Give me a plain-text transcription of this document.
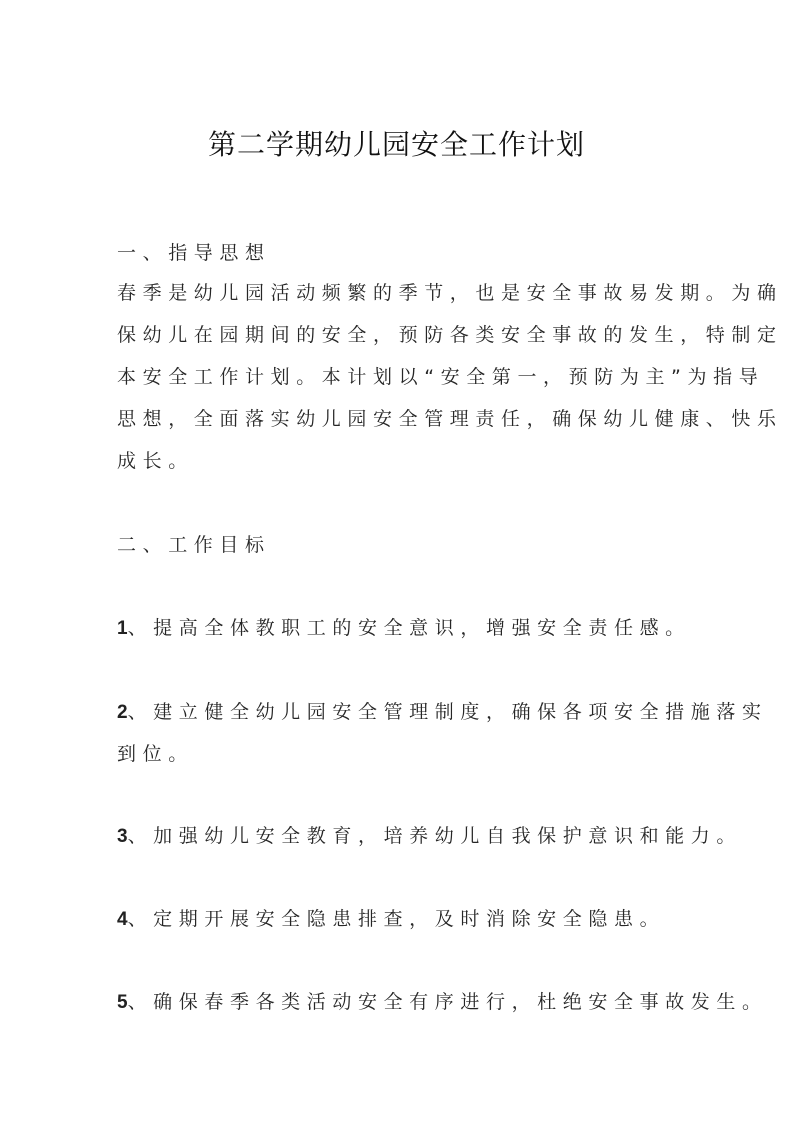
第二学期幼儿园安全工作计划
一、指导思想
春季是幼儿园活动频繁的季节，也是安全事故易发期。为确
保幼儿在园期间的安全，预防各类安全事故的发生，特制定
本安全工作计划。本计划以“安全第一，预防为主”为指导
思想，全面落实幼儿园安全管理责任，确保幼儿健康、快乐
成长。
二、工作目标
1、提高全体教职工的安全意识，增强安全责任感。
2、建立健全幼儿园安全管理制度，确保各项安全措施落实
到位。
3、加强幼儿安全教育，培养幼儿自我保护意识和能力。
4、定期开展安全隐患排查，及时消除安全隐患。
5、确保春季各类活动安全有序进行，杜绝安全事故发生。
